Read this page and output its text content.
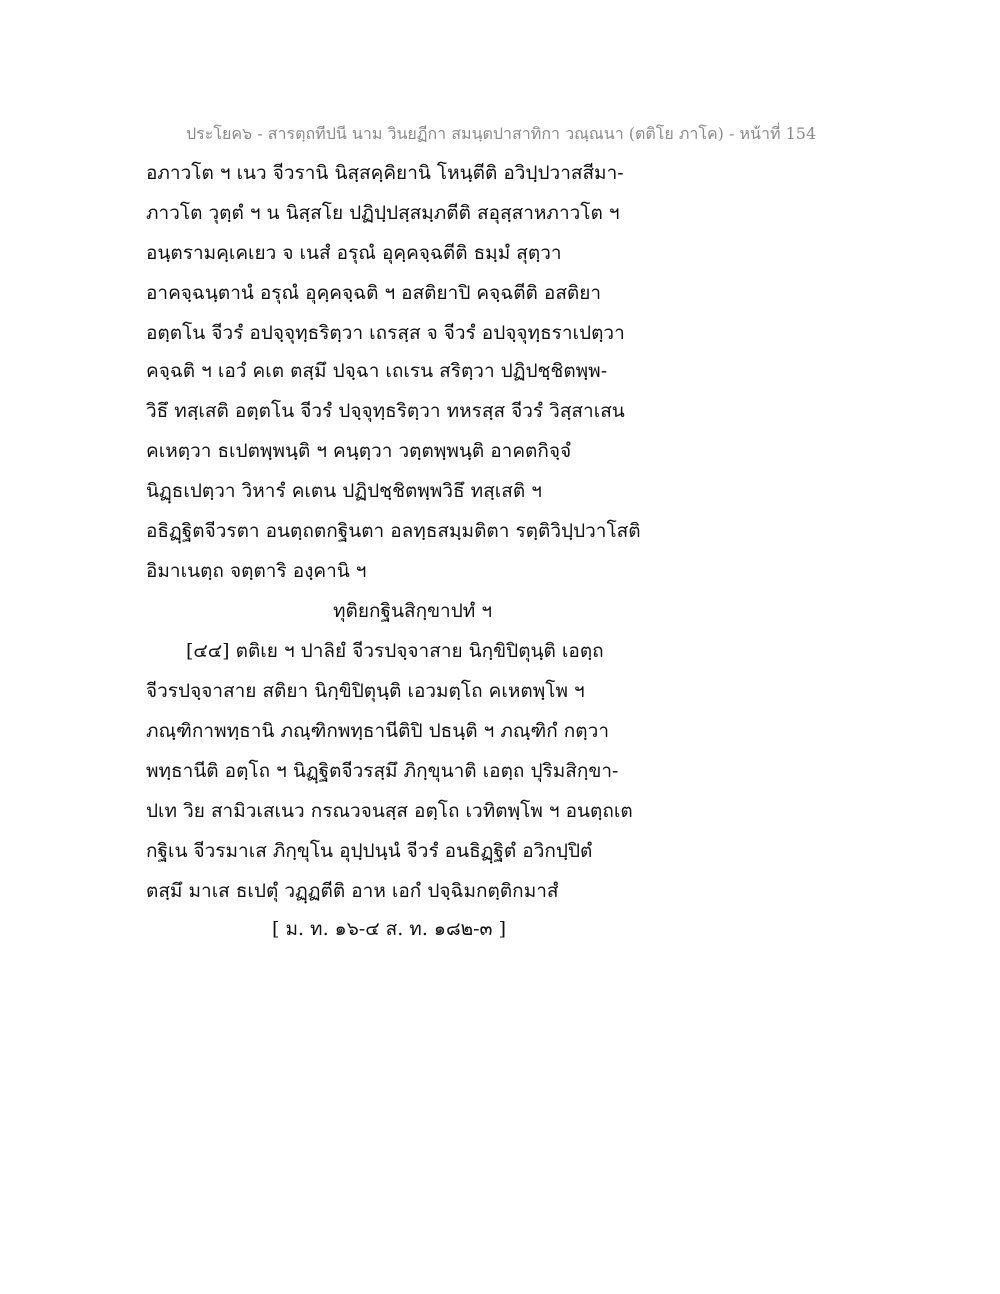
ประโยค๖ - สารตฺถทีปนี นาม วินยฏีกา สมนฺตปาสาทิกา วณฺณนา (ตติโย ภาโค) - หน้าที่ 154
อภาวโต ฯ เนว จีวรานิ นิสฺสคฺคิยานิ โหนฺตีติ อวิปฺปวาสสีมา-
ภาวโต วุตฺตํ ฯ น นิสฺสโย ปฏิปฺปสฺสมฺภตีติ สอุสฺสาหภาวโต ฯ
อนฺตรามคฺเคเยว จ เนสํ อรุณํ อุคฺคจฺฉตีติ ธมฺมํ สุตฺวา
อาคจฺฉนฺตานํ อรุณํ อุคฺคจฺฉติ ฯ อสติยาปิ คจฺฉตีติ อสติยา
อตฺตโน จีวรํ อปจฺจุทฺธริตฺวา เถรสฺส จ จีวรํ อปจฺจุทฺธราเปตฺวา
คจฺฉติ ฯ เอวํ คเต ตสฺมึ ปจฺฉา เถเรน สริตฺวา ปฏิปชฺชิตพฺพ-
วิธึ ทสฺเสติ อตฺตโน จีวรํ ปจฺจุทฺธริตฺวา ทหรสฺส จีวรํ วิสฺสาเสน
คเหตฺวา ธเปตพฺพนฺติ ฯ คนฺตฺวา วตฺตพฺพนฺติ อาคตกิจฺจํ
นิฏฺธเปตฺวา วิหารํ คเตน ปฏิปชฺชิตพฺพวิธึ ทสฺเสติ ฯ
อธิฏฺฐิตจีวรตา อนตฺถตกฐินตา อลทฺธสมฺมติตา รตฺติวิปฺปวาโสติ
อิมาเนตฺถ จตฺตาริ องฺคานิ ฯ
ทุติยกฐินสิกฺขาปทํ ฯ
[๔๔] ตติเย ฯ ปาลิยํ จีวรปจฺจาสาย นิกฺขิปิตุนฺติ เอตฺถ
จีวรปจฺจาสาย สติยา นิกฺขิปิตุนฺติ เอวมตฺโถ คเหตพฺโพ ฯ
ภณฺฑิกาพทฺธานิ ภณฺฑิกพทฺธานีติปิ ปธนฺติ ฯ ภณฺฑิกํ กตฺวา
พทฺธานีติ อตฺโถ ฯ นิฏฺฐิตจีวรสฺมึ ภิกฺขุนาติ เอตฺถ ปุริมสิกฺขา-
ปเท วิย สามิวเสเนว กรณวจนสฺส อตฺโถ เวทิตพฺโพ ฯ อนตฺถเต
กฐิเน จีวรมาเส ภิกฺขุโน อุปฺปนฺนํ จีวรํ อนธิฏฺฐิตํ อวิกปฺปิตํ
ตสฺมึ มาเส ธเปตุํ วฏฺฏตีติ อาห เอกํ ปจฺฉิมกตฺติกมาสํ
[ ม. ท. ๑๖-๔ ส. ท. ๑๘๒-๓ ]
